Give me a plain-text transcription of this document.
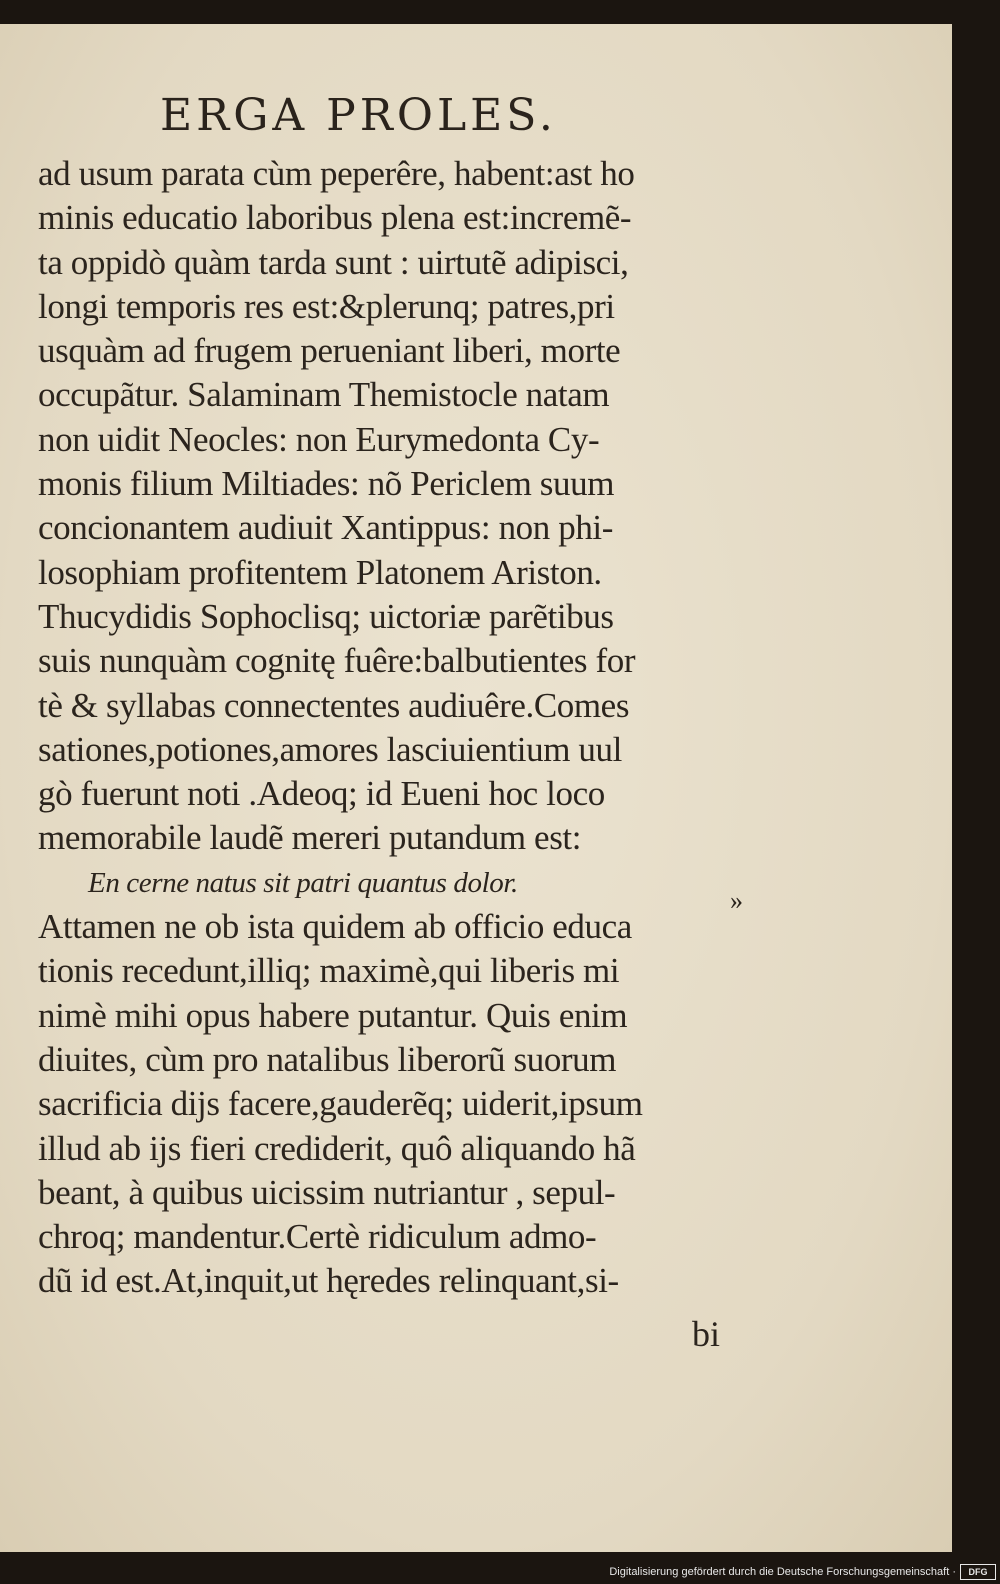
ERGA PROLES.
ad usum parata cùm peperêre, habent:ast ho
minis educatio laboribus plena est:incremẽ-
ta oppidò quàm tarda sunt : uirtutẽ adipisci,
longi temporis res est:&plerunq; patres,pri
usquàm ad frugem perueniant liberi, morte
occupãtur. Salaminam Themistocle natam
non uidit Neocles: non Eurymedonta Cy-
monis filium Miltiades: nõ Periclem suum
concionantem audiuit Xantippus: non phi-
losophiam profitentem Platonem Ariston.
Thucydidis Sophoclisq; uictoriæ parẽtibus
suis nunquàm cognitę fuêre:balbutientes for
tè & syllabas connectentes audiuêre.Comes
sationes,potiones,amores lasciuientium uul
gò fuerunt noti .Adeoq; id Eueni hoc loco
memorabile laudẽ mereri putandum est:
En cerne natus sit patri quantus dolor.
Attamen ne ob ista quidem ab officio educa
tionis recedunt,illiq; maximè,qui liberis mi
nimè mihi opus habere putantur. Quis enim
diuites, cùm pro natalibus liberorũ suorum
sacrificia dijs facere,gauderẽq; uiderit,ipsum
illud ab ijs fieri crediderit, quô aliquando hã
beant, à quibus uicissim nutriantur , sepul-
chroq; mandentur.Certè ridiculum admo-
dũ id est.At,inquit,ut hęredes relinquant,si-
»
bi
Digitalisierung gefördert durch die Deutsche Forschungsgemeinschaft ·	DFG
